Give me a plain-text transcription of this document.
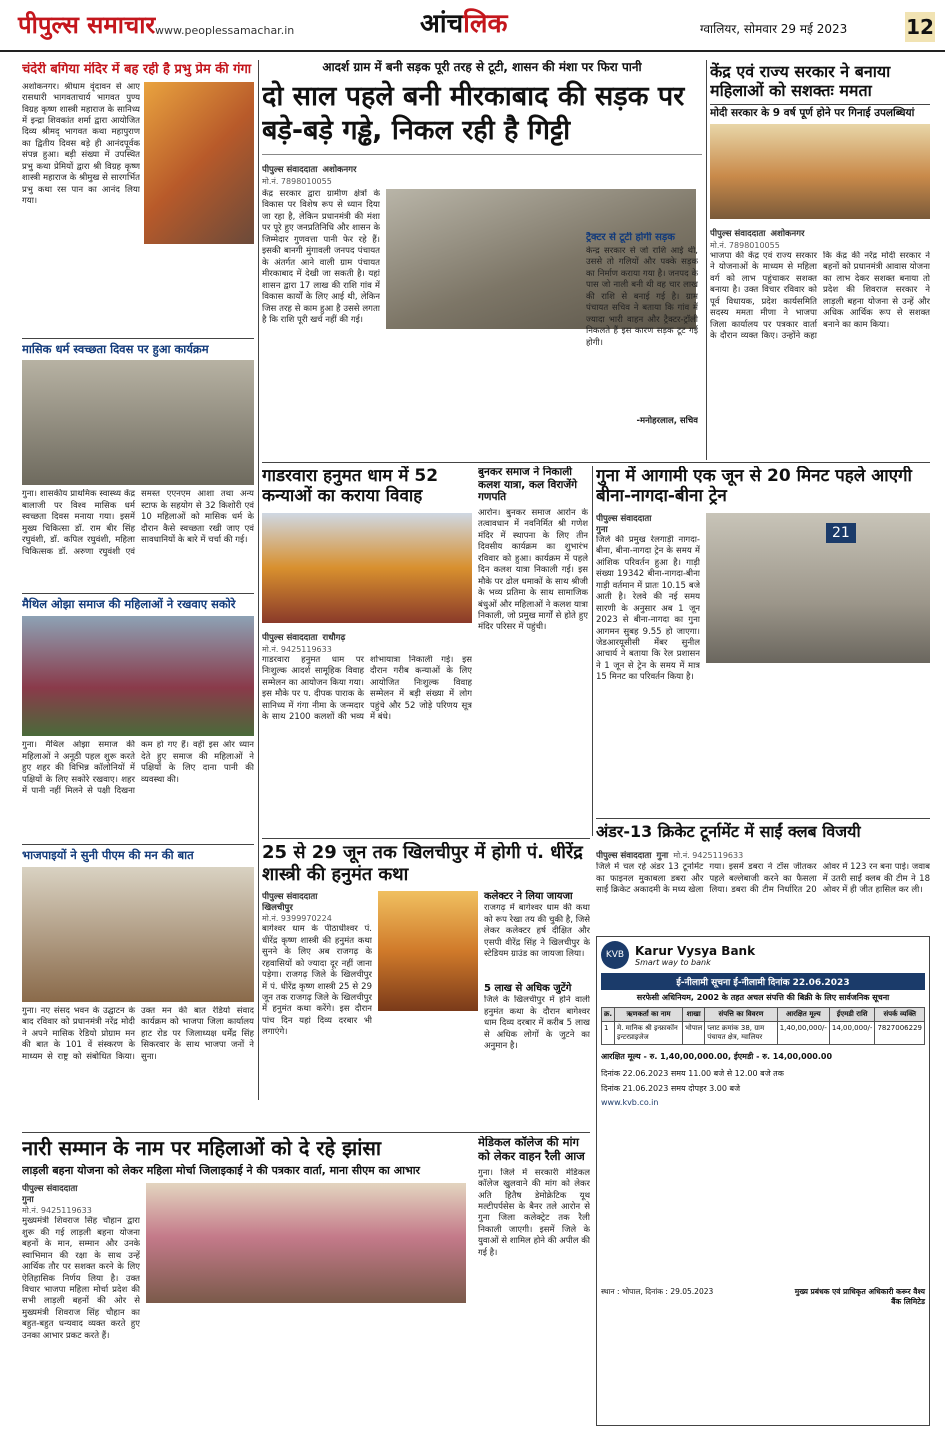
पीपुल्स समाचार www.peoplessamachar.in	आंचलिक	ग्वालियर, सोमवार 29 मई 2023	12
चंदेरी बगिया मंदिर में बह रही है प्रभु प्रेम की गंगा
अशोकनगर। श्रीधाम वृंदावन से आए रासधारी भागवताचार्य भागवत पुण्य विग्रह कृष्ण शास्त्री महाराज के सानिध्य में इन्द्रा शिवकांत शर्मा द्वारा आयोजित दिव्य श्रीमद् भागवत कथा महापुराण का द्वितीय दिवस बड़े ही आनंदपूर्वक संपन्न हुआ। बड़ी संख्या में उपस्थित प्रभु कथा प्रेमियों द्वारा श्री विग्रह कृष्ण शास्त्री महाराज के श्रीमुख से सारगर्भित प्रभु कथा रस पान का आनंद लिया गया।
मासिक धर्म स्वच्छता दिवस पर हुआ कार्यक्रम
गुना। शासकीय प्राथमिक स्वास्थ्य केंद्र बालाजी पर विश्व मासिक धर्म स्वच्छता दिवस मनाया गया। इसमें मुख्य चिकित्सा डॉ. राम बीर सिंह रघुवंशी, डॉ. कपिल रघुवंशी, महिला चिकित्सक डॉ. अरुणा रघुवंशी एवं समस्त एएनएम आशा तथा अन्य स्टाफ के सहयोग से 32 किशोरी एवं 10 महिलाओं को मासिक धर्म के दौरान कैसे स्वच्छता रखी जाए एवं सावधानियों के बारे में चर्चा की गई।
मैथिल ओझा समाज की महिलाओं ने रखवाए सकोरे
गुना। मैथिल ओझा समाज की महिलाओं ने अनूठी पहल शुरू करते हुए शहर की विभिन्न कॉलोनियों में पक्षियों के लिए सकोरे रखवाए। शहर में पानी नहीं मिलने से पक्षी दिखना कम हो गए हैं। वहीं इस ओर ध्यान देते हुए समाज की महिलाओं ने पक्षियों के लिए दाना पानी की व्यवस्था की।
भाजपाइयों ने सुनी पीएम की मन की बात
गुना। नए संसद भवन के उद्घाटन के बाद रविवार को प्रधानमंत्री नरेंद्र मोदी ने अपने मासिक रेडियो प्रोग्राम मन की बात के 101 वें संस्करण के माध्यम से राष्ट्र को संबोधित किया। उक्त मन की बात रेडियो संवाद कार्यक्रम को भाजपा जिला कार्यालय हाट रोड पर जिलाध्यक्ष धर्मेंद्र सिंह सिकरवार के साथ भाजपा जनों ने सुना।
आदर्श ग्राम में बनी सड़क पूरी तरह से टूटी, शासन की मंशा पर फिरा पानी
दो साल पहले बनी मीरकाबाद की सड़क पर बड़े-बड़े गड्ढे, निकल रही है गिट्टी
पीपुल्स संवाददाता अशोकनगर
मो.नं. 7898010055
केंद्र सरकार द्वारा ग्रामीण क्षेत्रों के विकास पर विशेष रूप से ध्यान दिया जा रहा है, लेकिन प्रधानमंत्री की मंशा पर पूरे हुए जनप्रतिनिधि और शासन के जिम्मेदार गुणवत्ता पानी फेर रहे हैं। इसकी बानगी मुंगावली जनपद पंचायत के अंतर्गत आने वाली ग्राम पंचायत मीरकाबाद में देखी जा सकती है। यहां शासन द्वारा 17 लाख की राशि गांव में विकास कार्यों के लिए आई थी, लेकिन जिस तरह से काम हुआ है उससे लगता है कि राशि पूरी खर्च नहीं की गई।
ट्रैक्टर से टूटी होगी सड़क
केन्द्र सरकार से जो राशि आई थी, उससे तो गलियों और पक्के सड़क का निर्माण कराया गया है। जनपद के पास जो नाली बनी थी वह चार लाख की राशि से बनाई गई है। ग्राम पंचायत सचिव ने बताया कि गांव में ज्यादा भारी वाहन और ट्रैक्टर-ट्रॉली निकलते हैं इस कारण सड़क टूट गई होगी।
-मनोहरलाल, सचिव
केंद्र एवं राज्य सरकार ने बनाया महिलाओं को सशक्तः ममता
मोदी सरकार के 9 वर्ष पूर्ण होने पर गिनाई उपलब्धियां
पीपुल्स संवाददाता अशोकनगर
मो.नं. 7898010055
भाजपा की केंद्र एवं राज्य सरकार ने योजनाओं के माध्यम से महिला वर्ग को लाभ पहुंचाकर सशक्त बनाया है। उक्त विचार रविवार को पूर्व विधायक, प्रदेश कार्यसमिति सदस्य ममता मीणा ने भाजपा जिला कार्यालय पर पत्रकार वार्ता के दौरान व्यक्त किए। उन्होंने कहा कि केंद्र की नरेंद्र मोदी सरकार ने बहनों को प्रधानमंत्री आवास योजना का लाभ देकर सशक्त बनाया तो प्रदेश की शिवराज सरकार ने लाड़ली बहना योजना से उन्हें और अधिक आर्थिक रूप से सशक्त बनाने का काम किया।
गाडरवारा हनुमत धाम में 52 कन्याओं का कराया विवाह
पीपुल्स संवाददाता राधौगढ़
मो.नं. 9425119633
गाडरवारा हनुमत धाम पर निःशुल्क आदर्श सामूहिक विवाह सम्मेलन का आयोजन किया गया। इस मौके पर प. दीपक पाराक के सानिध्य में गंगा नीमा के जन्मदार के साथ 2100 कलशों की भव्य शोभायात्रा निकाली गई। इस दौरान गरीब कन्याओं के लिए आयोजित निःशुल्क विवाह सम्मेलन में बड़ी संख्या में लोग पहुंचे और 52 जोड़े परिणय सूत्र में बंधे।
बुनकर समाज ने निकाली कलश यात्रा, कल विराजेंगे गणपति
आरोन। बुनकर समाज आरोन के तत्वावधान में नवनिर्मित श्री गणेश मंदिर में स्थापना के लिए तीन दिवसीय कार्यक्रम का शुभारंभ रविवार को हुआ। कार्यक्रम में पहले दिन कलश यात्रा निकाली गई। इस मौके पर ढोल धमाकों के साथ श्रीजी के भव्य प्रतिमा के साथ सामाजिक बंधुओं और महिलाओं ने कलश यात्रा निकाली, जो प्रमुख मार्गों से होते हुए मंदिर परिसर में पहुंची।
गुना में आगामी एक जून से 20 मिनट पहले आएगी बीना-नागदा-बीना ट्रेन
पीपुल्स संवाददाता
गुना
जिले की प्रमुख रेलगाड़ी नागदा-बीना, बीना-नागदा ट्रेन के समय में आंशिक परिवर्तन हुआ है। गाड़ी संख्या 19342 बीना-नागदा-बीना गाड़ी वर्तमान में प्रातः 10.15 बजे आती है। रेलवे की नई समय सारणी के अनुसार अब 1 जून 2023 से बीना-नागदा का गुना आगमन सुबह 9.55 हो जाएगा। जेडआरयूसीसी मेंबर सुनील आचार्य ने बताया कि रेल प्रशासन ने 1 जून से ट्रेन के समय में मात्र 15 मिनट का परिवर्तन किया है।
21
अंडर-13 क्रिकेट टूर्नामेंट में साईं क्लब विजयी
पीपुल्स संवाददाता गुना मो.नं. 9425119633
जिले में चल रहे अंडर 13 टूर्नामेंट का फाइनल मुकाबला डबरा और साईं क्रिकेट अकादमी के मध्य खेला गया। इसमें डबरा ने टॉस जीतकर पहले बल्लेबाजी करने का फैसला लिया। डबरा की टीम निर्धारित 20 ओवर में 123 रन बना पाई। जवाब में उतरी साईं क्लब की टीम ने 18 ओवर में ही जीत हासिल कर ली।
25 से 29 जून तक खिलचीपुर में होगी पं. धीरेंद्र शास्त्री की हनुमंत कथा
पीपुल्स संवाददाता
खिलचीपुर
मो.नं. 9399970224
बागेश्वर धाम के पीठाधीश्वर पं. धीरेंद्र कृष्ण शास्त्री की हनुमंत कथा सुनने के लिए अब राजगढ़ के रहवासियों को ज्यादा दूर नहीं जाना पड़ेगा। राजगढ़ जिले के खिलचीपुर में पं. धीरेंद्र कृष्ण शास्त्री 25 से 29 जून तक राजगढ़ जिले के खिलचीपुर में हनुमंत कथा करेंगे। इस दौरान पांच दिन यहां दिव्य दरबार भी लगाएंगे।
कलेक्टर ने लिया जायजा
राजगढ़ में बागेश्वर धाम की कथा को रूप रेखा तय की चुकी है, जिसे लेकर कलेक्टर हर्ष दीक्षित और एसपी वीरेंद्र सिंह ने खिलचीपुर के स्टेडियम ग्राउंड का जायजा लिया।
5 लाख से अधिक जुटेंगे
जिले के खिलचीपुर में होने वाली हनुमंत कथा के दौरान बागेश्वर धाम दिव्य दरबार में करीब 5 लाख से अधिक लोगों के जुटने का अनुमान है।
KVB Karur Vysya Bank
Smart way to bank
ई-नीलामी सूचना ई-नीलामी दिनांक 22.06.2023
सरफेसी अधिनियम, 2002 के तहत अचल संपत्ति की बिक्री के लिए सार्वजनिक सूचना
क्र.	ऋणकर्ता का नाम	शाखा	संपत्ति का विवरण	आरक्षित मूल्य	ईएमडी राशि	संपर्क व्यक्ति
1	मे. मानिक श्री इन्फ्राकॉन इन्टरप्राइजेज	भोपाल	प्लाट क्रमांक 38, ग्राम पंचायत क्षेत्र, ग्वालियर	1,40,00,000/-	14,00,000/-	7827006229
आरक्षित मूल्य - रु. 1,40,00,000.00, ईएमडी - रु. 14,00,000.00
दिनांक 22.06.2023 समय 11.00 बजे से 12.00 बजे तक
दिनांक 21.06.2023 समय दोपहर 3.00 बजे
www.kvb.co.in
स्थान : भोपाल, दिनांक : 29.05.2023	मुख्य प्रबंधक एवं प्राधिकृत अधिकारी करूर वैश्य बैंक लिमिटेड
नारी सम्मान के नाम पर महिलाओं को दे रहे झांसा
लाड़ली बहना योजना को लेकर महिला मोर्चा जिलाइकाई ने की पत्रकार वार्ता, माना सीएम का आभार
पीपुल्स संवाददाता
गुना
मो.नं. 9425119633
मुख्यमंत्री शिवराज सिंह चौहान द्वारा शुरू की गई लाड़ली बहना योजना बहनों के मान, सम्मान और उनके स्वाभिमान की रक्षा के साथ उन्हें आर्थिक तौर पर सशक्त करने के लिए ऐतिहासिक निर्णय लिया है। उक्त विचार भाजपा महिला मोर्चा प्रदेश की सभी लाड़ली बहनों की ओर से मुख्यमंत्री शिवराज सिंह चौहान का बहुत-बहुत धन्यवाद व्यक्त करते हुए उनका आभार प्रकट करते हैं।
मेडिकल कॉलेज की मांग को लेकर वाहन रैली आज
गुना। जिले में सरकारी मेडिकल कॉलेज खुलवाने की मांग को लेकर अति हितैष डेमोक्रेटिक यूथ मल्टीपर्पसेस के बैनर तले आरोन से गुना जिला कलेक्ट्रेट तक रैली निकाली जाएगी। इसमें जिले के युवाओं से शामिल होने की अपील की गई है।
